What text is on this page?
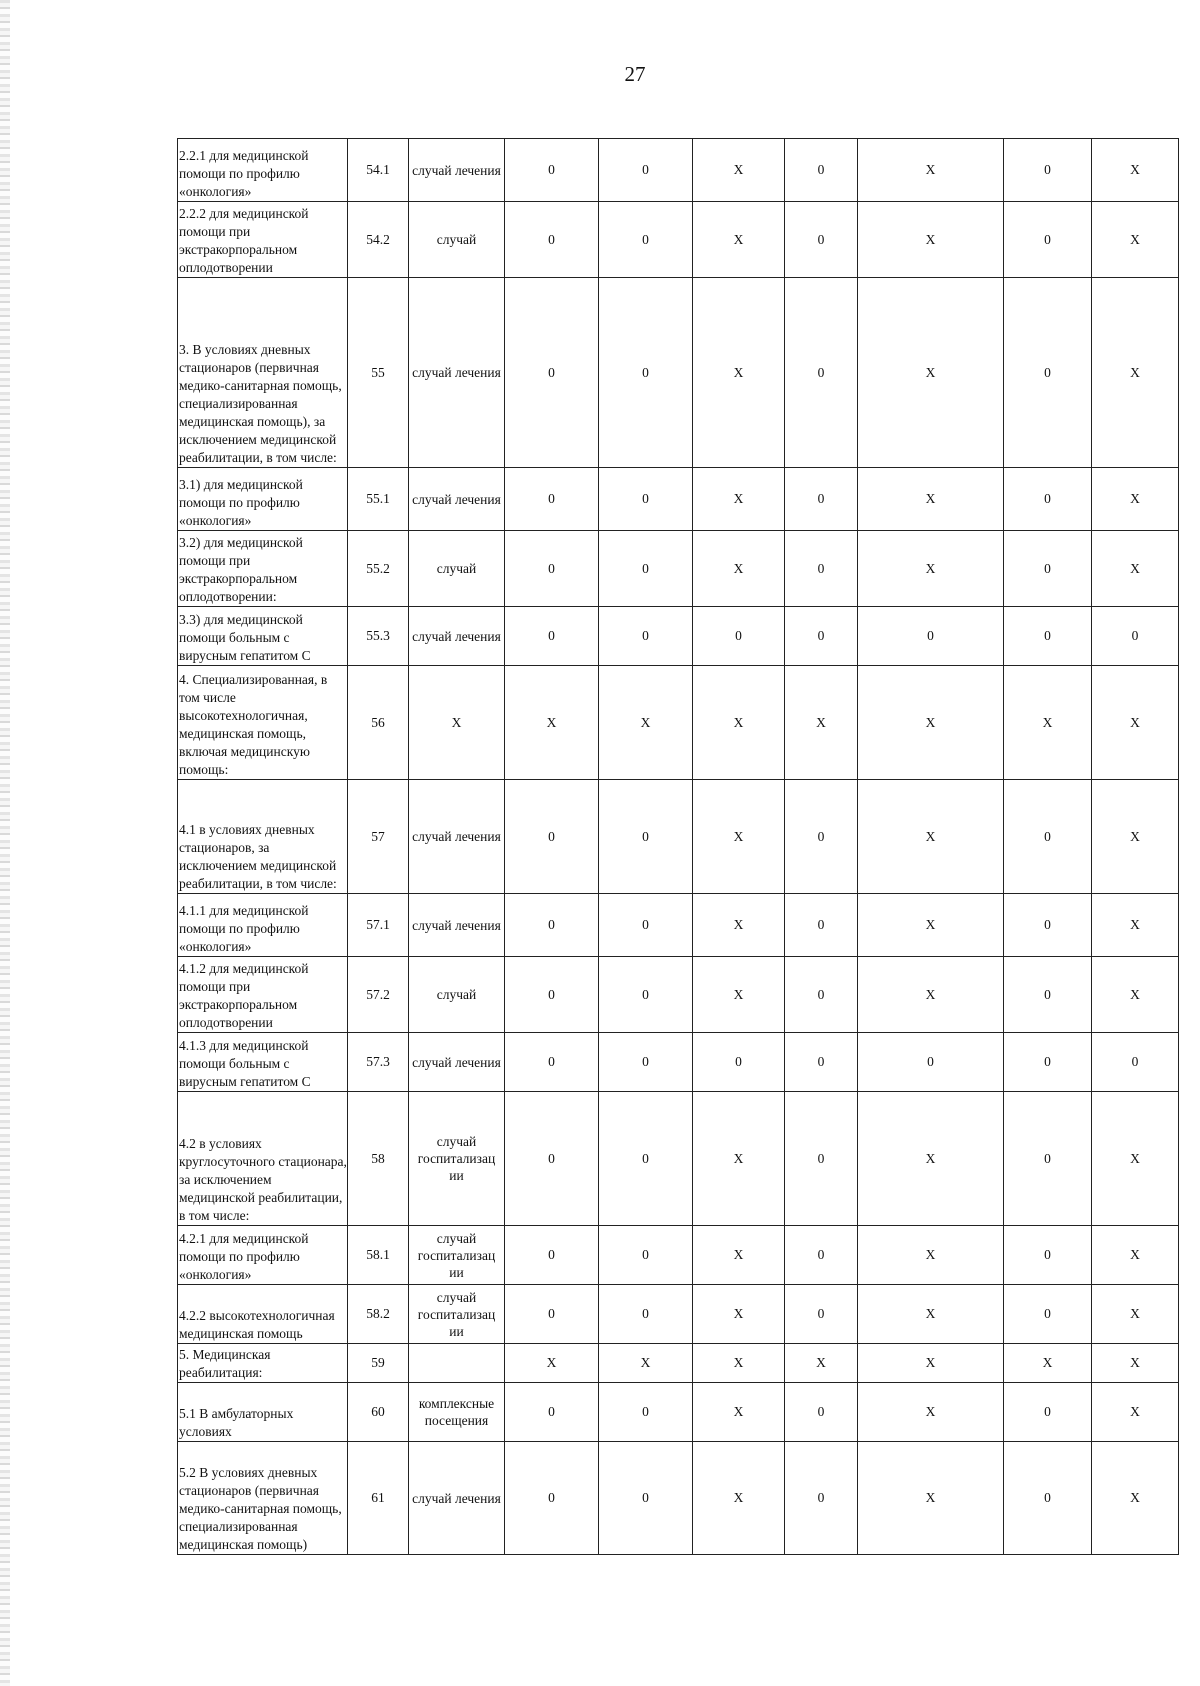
27
2.2.1 для медицинской помощи по профилю «онкология»	54.1	случай лечения	0	0	X	0	X	0	X
2.2.2 для медицинской помощи при экстракорпоральном оплодотворении	54.2	случай	0	0	X	0	X	0	X
3. В условиях дневных стационаров (первичная медико-санитарная помощь, специализированная медицинская помощь), за исключением медицинской реабилитации, в том числе:	55	случай лечения	0	0	X	0	X	0	X
3.1) для медицинской помощи по профилю «онкология»	55.1	случай лечения	0	0	X	0	X	0	X
3.2) для медицинской помощи при экстракорпоральном оплодотворении:	55.2	случай	0	0	X	0	X	0	X
3.3) для медицинской помощи больным с вирусным гепатитом С	55.3	случай лечения	0	0	0	0	0	0	0
4. Специализированная, в том числе высокотехнологичная, медицинская помощь, включая медицинскую помощь:	56	X	X	X	X	X	X	X	X
4.1 в условиях дневных стационаров, за исключением медицинской реабилитации, в том числе:	57	случай лечения	0	0	X	0	X	0	X
4.1.1 для медицинской помощи по профилю «онкология»	57.1	случай лечения	0	0	X	0	X	0	X
4.1.2 для медицинской помощи при экстракорпоральном оплодотворении	57.2	случай	0	0	X	0	X	0	X
4.1.3 для медицинской помощи больным с вирусным гепатитом С	57.3	случай лечения	0	0	0	0	0	0	0
4.2 в условиях круглосуточного стационара, за исключением медицинской реабилитации, в том числе:	58	случай госпитализац ии	0	0	X	0	X	0	X
4.2.1 для медицинской помощи по профилю «онкология»	58.1	случай госпитализац ии	0	0	X	0	X	0	X
4.2.2 высокотехнологичная медицинская помощь	58.2	случай госпитализац ии	0	0	X	0	X	0	X
5. Медицинская реабилитация:	59		X	X	X	X	X	X	X
5.1 В амбулаторных условиях	60	комплексные посещения	0	0	X	0	X	0	X
5.2 В условиях дневных стационаров (первичная медико-санитарная помощь, специализированная медицинская помощь)	61	случай лечения	0	0	X	0	X	0	X
